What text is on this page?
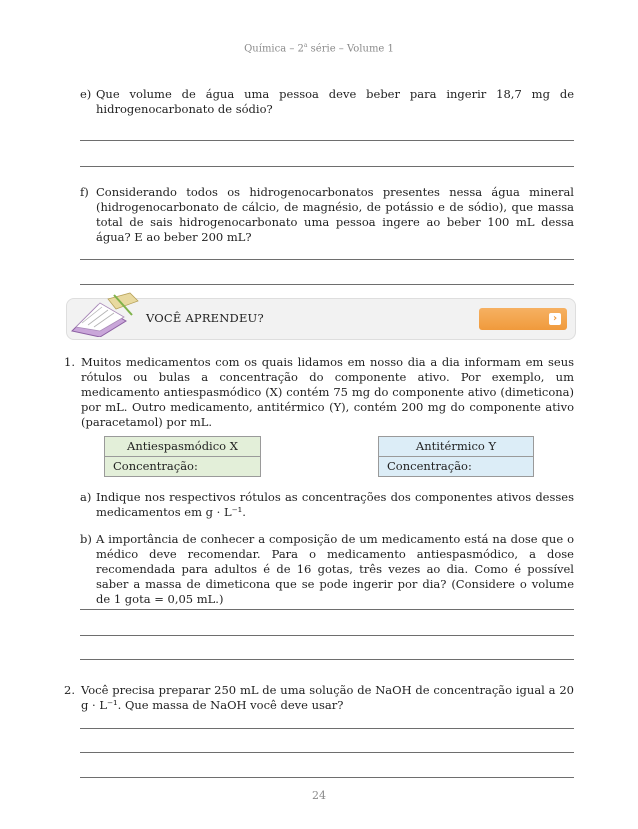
Química – 2$^a$ série – Volume 1
e) Que volume de água uma pessoa deve beber para ingerir 18,7 mg de hidrogenocarbonato de sódio?
f) Considerando todos os hidrogenocarbonatos presentes nessa água mineral (hidrogenocarbonato de cálcio, de magnésio, de potássio e de sódio), que massa total de sais hidrogenocarbonato uma pessoa ingere ao beber 100 mL dessa água? E ao beber 200 mL?
VOCÊ APRENDEU?	›
1. Muitos medicamentos com os quais lidamos em nosso dia a dia informam em seus rótulos ou bulas a concentração do componente ativo. Por exemplo, um medicamento antiespasmódico (X) contém 75 mg do componente ativo (dimeticona) por mL. Outro medicamento, antitérmico (Y), contém 200 mg do componente ativo (paracetamol) por mL.
Antiespasmódico X
Concentração:
Antitérmico Y
Concentração:
a) Indique nos respectivos rótulos as concentrações dos componentes ativos desses medicamentos em g · L⁻¹.
b) A importância de conhecer a composição de um medicamento está na dose que o médico deve recomendar. Para o medicamento antiespasmódico, a dose recomendada para adultos é de 16 gotas, três vezes ao dia. Como é possível saber a massa de dimeticona que se pode ingerir por dia? (Considere o volume de 1 gota = 0,05 mL.)
2. Você precisa preparar 250 mL de uma solução de NaOH de concentração igual a 20 g · L⁻¹. Que massa de NaOH você deve usar?
24
